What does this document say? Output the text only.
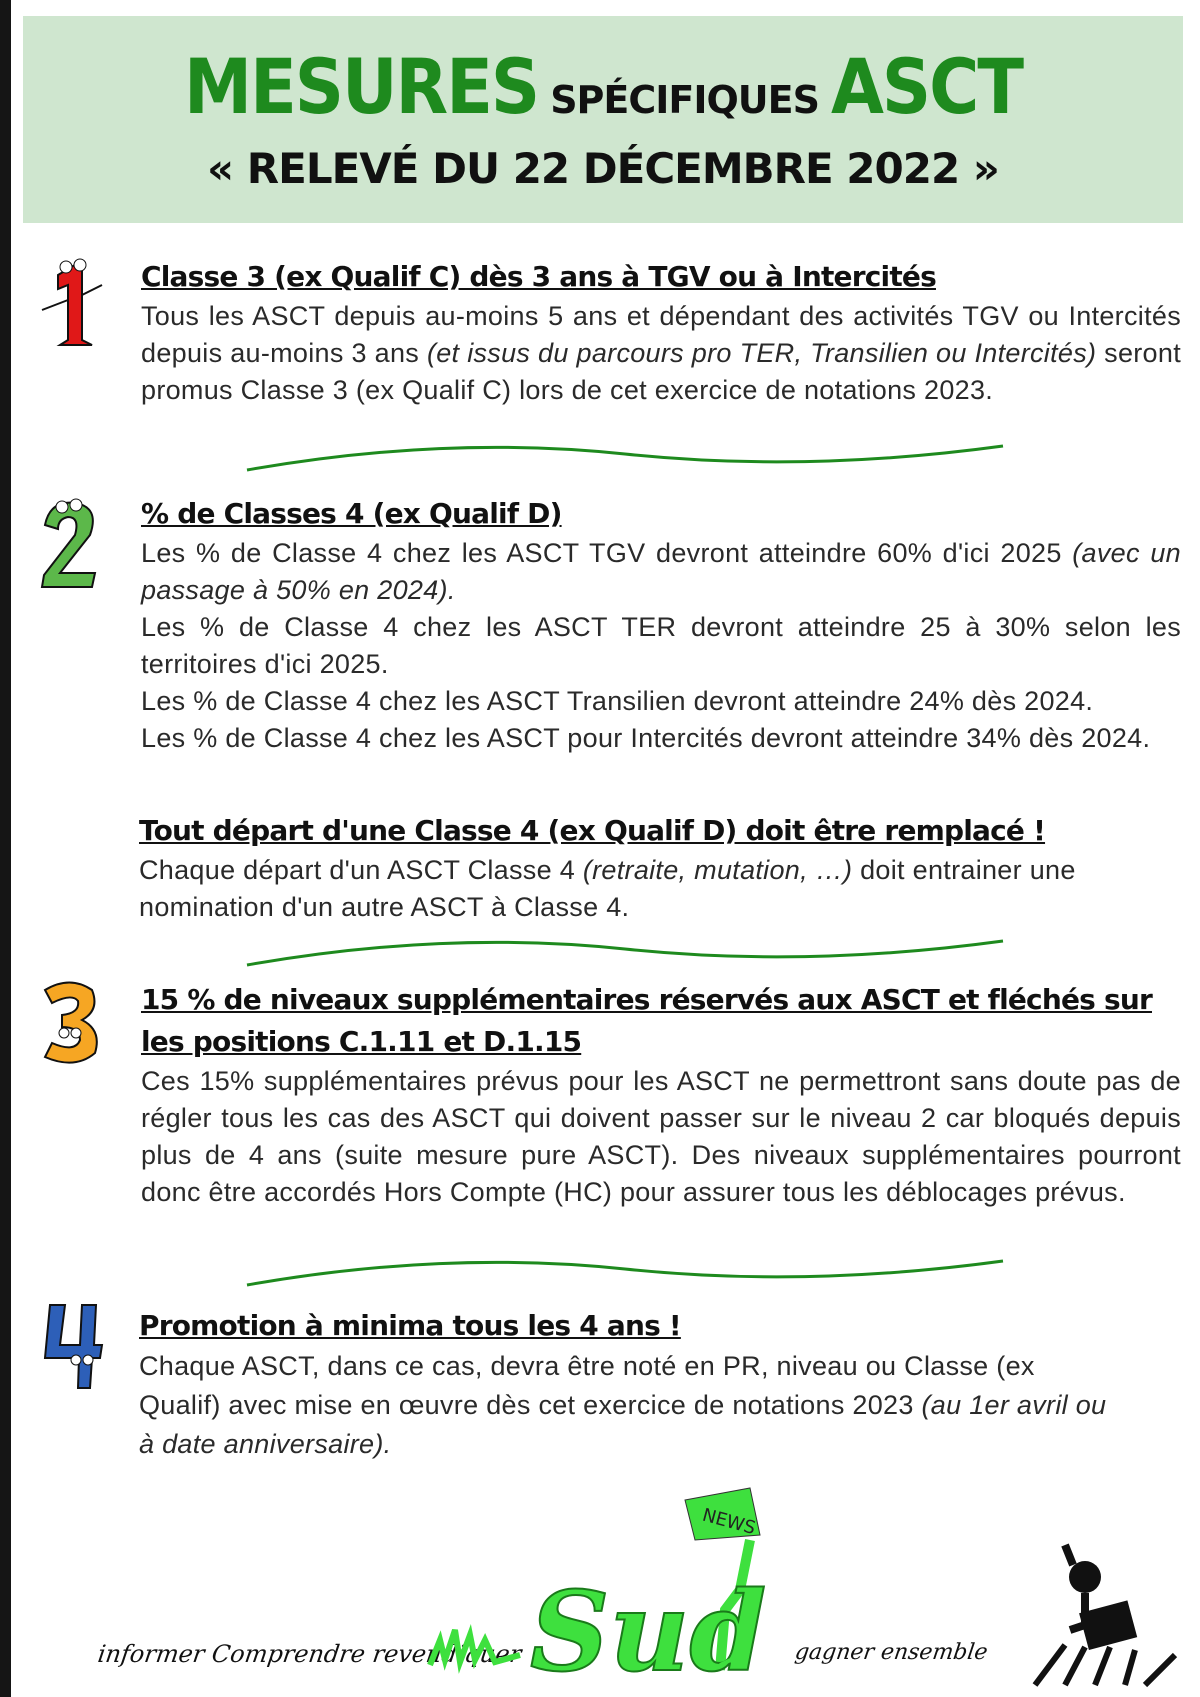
MESURES SPÉCIFIQUES ASCT
« RELEVÉ DU 22 DÉCEMBRE 2022 »
Classe 3 (ex Qualif C) dès 3 ans à TGV ou à Intercités
Tous les ASCT depuis au-moins 5 ans et dépendant des activités TGV ou Intercités depuis au-moins 3 ans (et issus du parcours pro TER, Transilien ou Intercités) seront promus Classe 3 (ex Qualif C) lors de cet exercice de notations 2023.
% de Classes 4 (ex Qualif D)
Les % de Classe 4 chez les ASCT TGV devront atteindre 60% d'ici 2025 (avec un passage à 50% en 2024).
Les % de Classe 4 chez les ASCT TER devront atteindre 25 à 30% selon les territoires d'ici 2025.
Les % de Classe 4 chez les ASCT Transilien devront atteindre 24% dès 2024.
Les % de Classe 4 chez les ASCT pour Intercités devront atteindre 34% dès 2024.
Tout départ d'une Classe 4 (ex Qualif D) doit être remplacé !
Chaque départ d'un ASCT Classe 4 (retraite, mutation, …) doit entrainer une nomination d'un autre ASCT à Classe 4.
15 % de niveaux supplémentaires réservés aux ASCT et fléchés sur les positions C.1.11 et D.1.15
Ces 15% supplémentaires prévus pour les ASCT ne permettront sans doute pas de régler tous les cas des ASCT qui doivent passer sur le niveau 2 car bloqués depuis plus de 4 ans (suite mesure pure ASCT). Des niveaux supplémentaires pourront donc être accordés Hors Compte (HC) pour assurer tous les déblocages prévus.
Promotion à minima tous les 4 ans !
Chaque ASCT, dans ce cas, devra être noté en PR, niveau ou Classe (ex Qualif) avec mise en œuvre dès cet exercice de notations 2023 (au 1er avril ou à date anniversaire).
informer Comprendre revendiquer
NEWS
Sud gagner ensemble
